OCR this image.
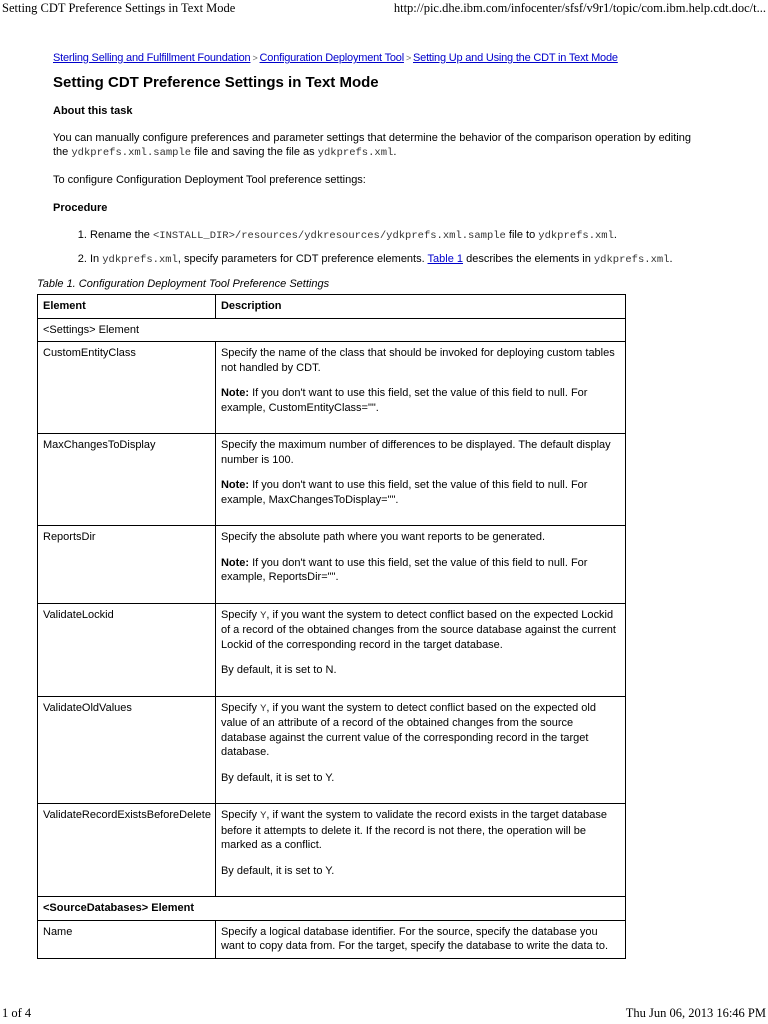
Setting CDT Preference Settings in Text Mode	http://pic.dhe.ibm.com/infocenter/sfsf/v9r1/topic/com.ibm.help.cdt.doc/t...
Sterling Selling and Fulfillment Foundation > Configuration Deployment Tool > Setting Up and Using the CDT in Text Mode
Setting CDT Preference Settings in Text Mode
About this task

You can manually configure preferences and parameter settings that determine the behavior of the comparison operation by editing the ydkprefs.xml.sample file and saving the file as ydkprefs.xml.

To configure Configuration Deployment Tool preference settings:

Procedure
1. Rename the <INSTALL_DIR>/resources/ydkresources/ydkprefs.xml.sample file to ydkprefs.xml.
2. In ydkprefs.xml, specify parameters for CDT preference elements. Table 1 describes the elements in ydkprefs.xml.
Table 1. Configuration Deployment Tool Preference Settings
Element	Description
<Settings> Element	
CustomEntityClass	Specify the name of the class that should be invoked for deploying custom tables not handled by CDT.

Note: If you don't want to use this field, set the value of this field to null. For example, CustomEntityClass="".

MaxChangesToDisplay	Specify the maximum number of differences to be displayed. The default display number is 100.

Note: If you don't want to use this field, set the value of this field to null. For example, MaxChangesToDisplay="".

ReportsDir	Specify the absolute path where you want reports to be generated.

Note: If you don't want to use this field, set the value of this field to null. For example, ReportsDir="".

ValidateLockid	Specify Y, if you want the system to detect conflict based on the expected Lockid of a record of the obtained changes from the source database against the current Lockid of the corresponding record in the target database.

By default, it is set to N.

ValidateOldValues	Specify Y, if you want the system to detect conflict based on the expected old value of an attribute of a record of the obtained changes from the source database against the current value of the corresponding record in the target database.

By default, it is set to Y.

ValidateRecordExistsBeforeDelete	Specify Y, if want the system to validate the record exists in the target database before it attempts to delete it. If the record is not there, the operation will be marked as a conflict.

By default, it is set to Y.

<SourceDatabases> Element	
Name	Specify a logical database identifier. For the source, specify the database you want to copy data from. For the target, specify the database to write the data to.

1 of 4	Thu Jun 06, 2013 16:46 PM
